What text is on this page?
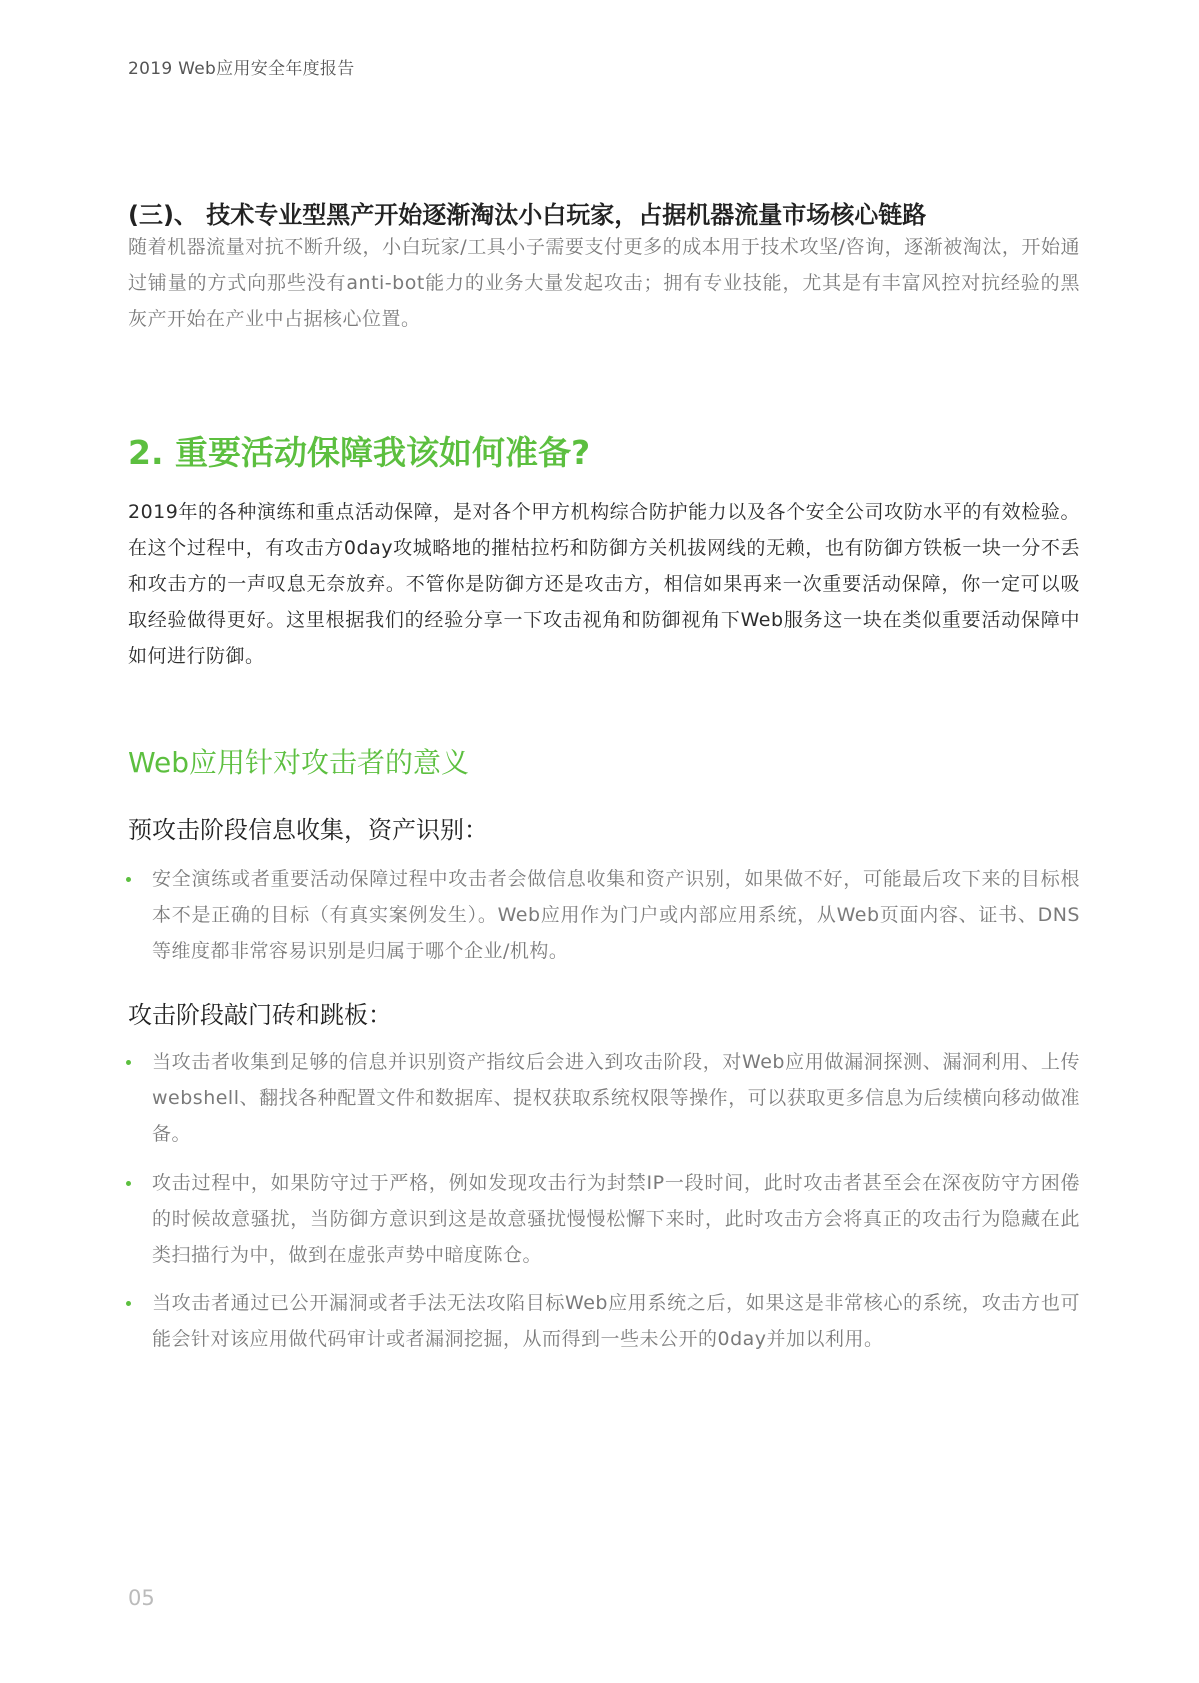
2019 Web应用安全年度报告
(三)、 技术专业型黑产开始逐渐淘汰小白玩家，占据机器流量市场核心链路
随着机器流量对抗不断升级，小白玩家/工具小子需要支付更多的成本用于技术攻坚/咨询，逐渐被淘汰，开始通过铺量的方式向那些没有anti-bot能力的业务大量发起攻击；拥有专业技能，尤其是有丰富风控对抗经验的黑灰产开始在产业中占据核心位置。
2. 重要活动保障我该如何准备?
2019年的各种演练和重点活动保障，是对各个甲方机构综合防护能力以及各个安全公司攻防水平的有效检验。在这个过程中，有攻击方0day攻城略地的摧枯拉朽和防御方关机拔网线的无赖，也有防御方铁板一块一分不丢和攻击方的一声叹息无奈放弃。不管你是防御方还是攻击方，相信如果再来一次重要活动保障，你一定可以吸取经验做得更好。这里根据我们的经验分享一下攻击视角和防御视角下Web服务这一块在类似重要活动保障中如何进行防御。
Web应用针对攻击者的意义
预攻击阶段信息收集，资产识别：
安全演练或者重要活动保障过程中攻击者会做信息收集和资产识别，如果做不好，可能最后攻下来的目标根本不是正确的目标（有真实案例发生）。Web应用作为门户或内部应用系统，从Web页面内容、证书、DNS等维度都非常容易识别是归属于哪个企业/机构。
攻击阶段敲门砖和跳板：
当攻击者收集到足够的信息并识别资产指纹后会进入到攻击阶段，对Web应用做漏洞探测、漏洞利用、上传webshell、翻找各种配置文件和数据库、提权获取系统权限等操作，可以获取更多信息为后续横向移动做准备。
攻击过程中，如果防守过于严格，例如发现攻击行为封禁IP一段时间，此时攻击者甚至会在深夜防守方困倦的时候故意骚扰，当防御方意识到这是故意骚扰慢慢松懈下来时，此时攻击方会将真正的攻击行为隐藏在此类扫描行为中，做到在虚张声势中暗度陈仓。
当攻击者通过已公开漏洞或者手法无法攻陷目标Web应用系统之后，如果这是非常核心的系统，攻击方也可能会针对该应用做代码审计或者漏洞挖掘，从而得到一些未公开的0day并加以利用。
05
